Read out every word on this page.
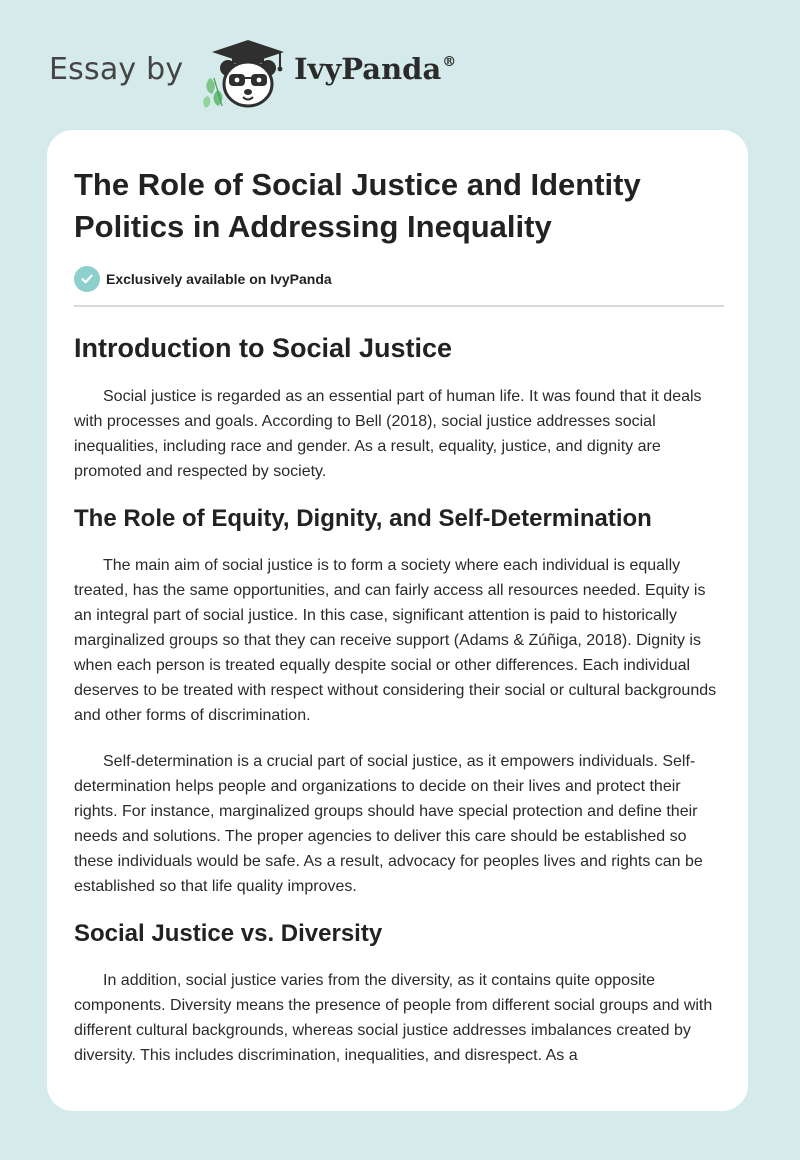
Essay by	IvyPanda®
The Role of Social Justice and Identity Politics in Addressing Inequality
Exclusively available on IvyPanda
Introduction to Social Justice

Social justice is regarded as an essential part of human life. It was found that it deals with processes and goals. According to Bell (2018), social justice addresses social inequalities, including race and gender. As a result, equality, justice, and dignity are promoted and respected by society.

The Role of Equity, Dignity, and Self-Determination

The main aim of social justice is to form a society where each individual is equally treated, has the same opportunities, and can fairly access all resources needed. Equity is an integral part of social justice. In this case, significant attention is paid to historically marginalized groups so that they can receive support (Adams & Zúñiga, 2018). Dignity is when each person is treated equally despite social or other differences. Each individual deserves to be treated with respect without considering their social or cultural backgrounds and other forms of discrimination.

Self-determination is a crucial part of social justice, as it empowers individuals. Self-determination helps people and organizations to decide on their lives and protect their rights. For instance, marginalized groups should have special protection and define their needs and solutions. The proper agencies to deliver this care should be established so these individuals would be safe. As a result, advocacy for peoples lives and rights can be established so that life quality improves.

Social Justice vs. Diversity

In addition, social justice varies from the diversity, as it contains quite opposite components. Diversity means the presence of people from different social groups and with different cultural backgrounds, whereas social justice addresses imbalances created by diversity. This includes discrimination, inequalities, and disrespect. As a
